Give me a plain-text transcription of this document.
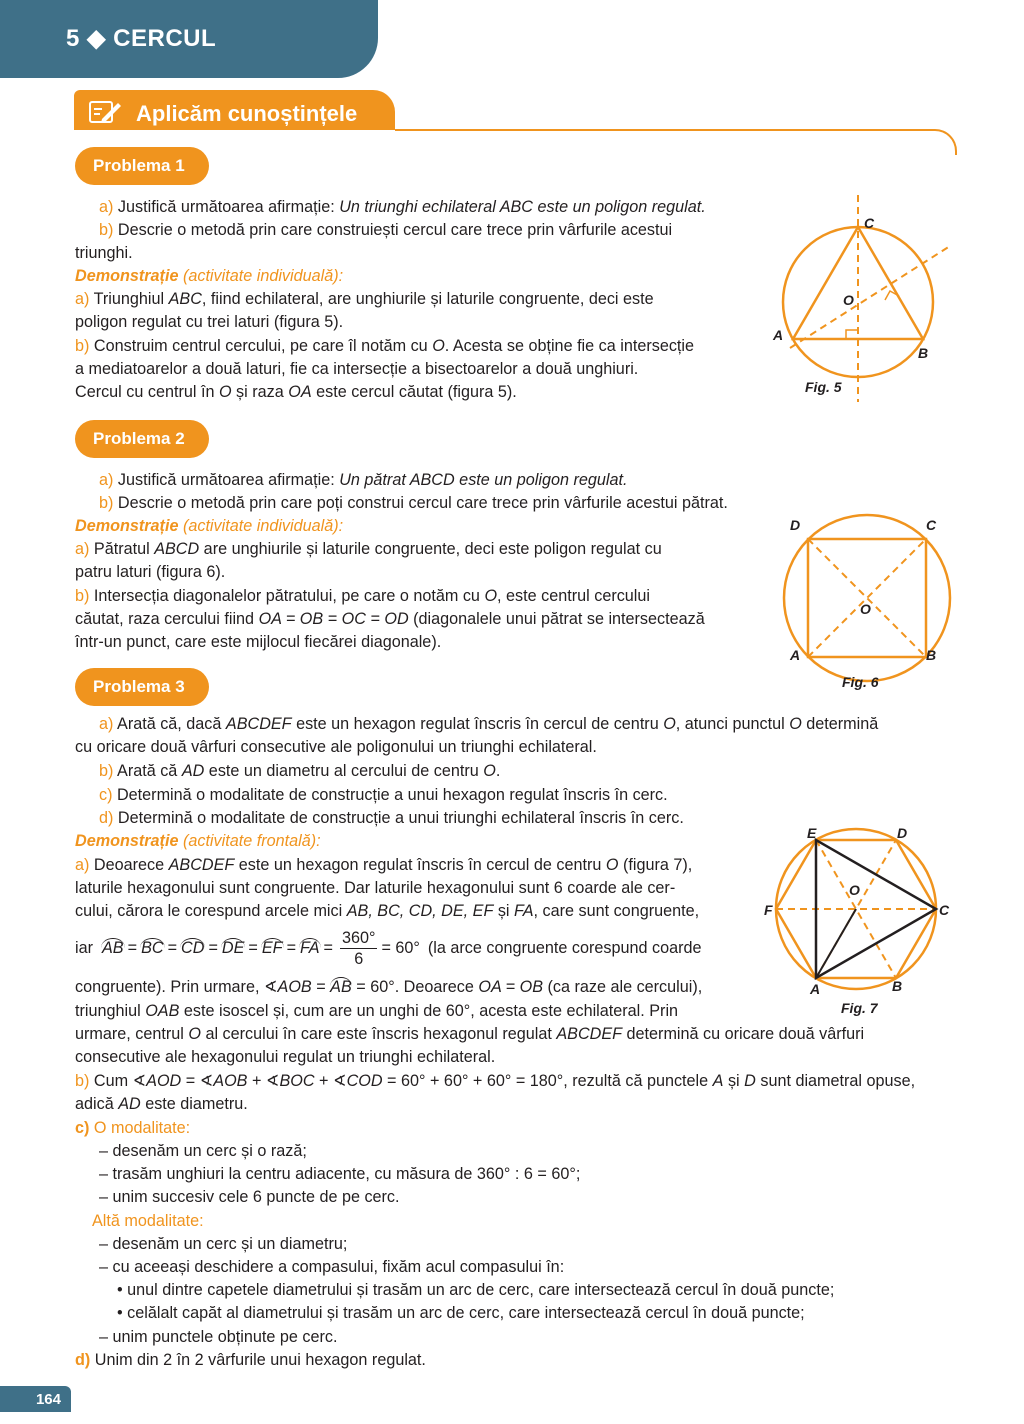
5 ◆ CERCUL
Aplicăm cunoștințele
Problema 1
a) Justifică următoarea afirmație: Un triunghi echilateral ABC este un poligon regulat.
b) Descrie o metodă prin care construiești cercul care trece prin vârfurile acestui
triunghi.
Demonstrație (activitate individuală):
a) Triunghiul ABC, fiind echilateral, are unghiurile și laturile congruente, deci este
poligon regulat cu trei laturi (figura 5).
b) Construim centrul cercului, pe care îl notăm cu O. Acesta se obține fie ca intersecție
a mediatoarelor a două laturi, fie ca intersecție a bisectoarelor a două unghiuri.
Cercul cu centrul în O și raza OA este cercul căutat (figura 5).
C
O
A
B
Fig. 5
Problema 2
a) Justifică următoarea afirmație: Un pătrat ABCD este un poligon regulat.
b) Descrie o metodă prin care poți construi cercul care trece prin vârfurile acestui pătrat.
Demonstrație (activitate individuală):
a) Pătratul ABCD are unghiurile și laturile congruente, deci este poligon regulat cu
patru laturi (figura 6).
b) Intersecția diagonalelor pătratului, pe care o notăm cu O, este centrul cercului
căutat, raza cercului fiind OA = OB = OC = OD (diagonalele unui pătrat se intersectează
într-un punct, care este mijlocul fiecărei diagonale).
D	C
O
A	B
Fig. 6
Problema 3
a) Arată că, dacă ABCDEF este un hexagon regulat înscris în cercul de centru O, atunci punctul O determină
cu oricare două vârfuri consecutive ale poligonului un triunghi echilateral.
b) Arată că AD este un diametru al cercului de centru O.
c) Determină o modalitate de construcție a unui hexagon regulat înscris în cerc.
d) Determină o modalitate de construcție a unui triunghi echilateral înscris în cerc.
Demonstrație (activitate frontală):
a) Deoarece ABCDEF este un hexagon regulat înscris în cercul de centru O (figura 7),
laturile hexagonului sunt congruente. Dar laturile hexagonului sunt 6 coarde ale cer-
cului, cărora le corespund arcele mici AB, BC, CD, DE, EF și FA, care sunt congruente,
iar AB = BC = CD = DE = EF = FA = $\frac{360^\circ}{6} = 60^\circ$ (la arce congruente corespund coarde
congruente). Prin urmare, ∢AOB = AB = 60°. Deoarece OA = OB (ca raze ale cercului),
triunghiul OAB este isoscel și, cum are un unghi de 60°, acesta este echilateral. Prin
urmare, centrul O al cercului în care este înscris hexagonul regulat ABCDEF determină cu oricare două vârfuri
consecutive ale hexagonului regulat un triunghi echilateral.
b) Cum ∢AOD = ∢AOB + ∢BOC + ∢COD = 60° + 60° + 60° = 180°, rezultă că punctele A și D sunt diametral opuse,
adică AD este diametru.
c) O modalitate:
– desenăm un cerc și o rază;
– trasăm unghiuri la centru adiacente, cu măsura de 360° : 6 = 60°;
– unim succesiv cele 6 puncte de pe cerc.
Altă modalitate:
– desenăm un cerc și un diametru;
– cu aceeași deschidere a compasului, fixăm acul compasului în:
• unul dintre capetele diametrului și trasăm un arc de cerc, care intersectează cercul în două puncte;
• celălalt capăt al diametrului și trasăm un arc de cerc, care intersectează cercul în două puncte;
– unim punctele obținute pe cerc.
d) Unim din 2 în 2 vârfurile unui hexagon regulat.
E	D
O
F	C
A	B
Fig. 7
164
